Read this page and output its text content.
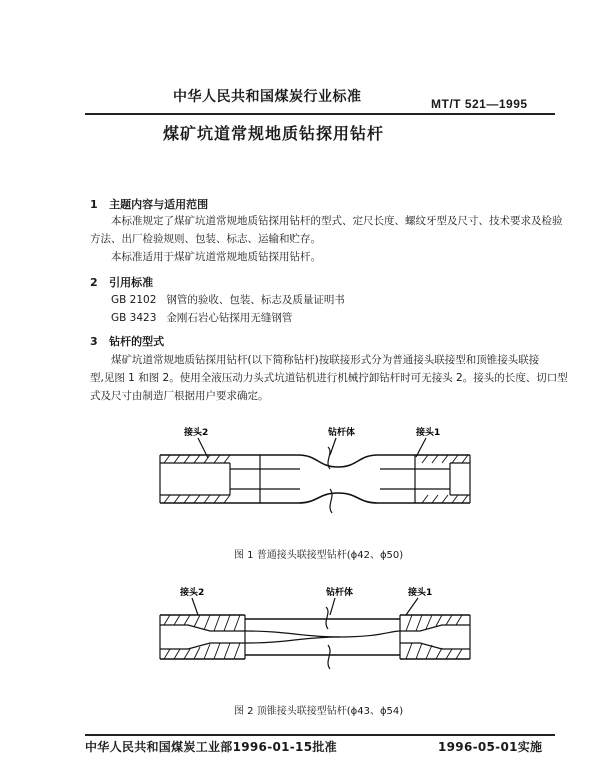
中华人民共和国煤炭行业标准	MT/T 521—1995
煤矿坑道常规地质钻探用钻杆
1 主题内容与适用范围

本标准规定了煤矿坑道常规地质钻探用钻杆的型式、定尺长度、螺纹牙型及尺寸、技术要求及检验

方法、出厂检验规则、包装、标志、运输和贮存。

本标准适用于煤矿坑道常规地质钻探用钻杆。

2 引用标准
GB 2102 钢管的验收、包装、标志及质量证明书
GB 3423 金刚石岩心钻探用无缝钢管
3 钻杆的型式

煤矿坑道常规地质钻探用钻杆(以下简称钻杆)按联接形式分为普通接头联接型和顶锥接头联接

型,见图 1 和图 2。使用全液压动力头式坑道钻机进行机械拧卸钻杆时可无接头 2。接头的长度、切口型

式及尺寸由制造厂根据用户要求确定。

接头2	钻杆体	接头1
图 1 普通接头联接型钻杆(ϕ42、ϕ50)
接头2	钻杆体	接头1
图 2 顶锥接头联接型钻杆(ϕ43、ϕ54)
中华人民共和国煤炭工业部1996-01-15批准	1996-05-01实施
